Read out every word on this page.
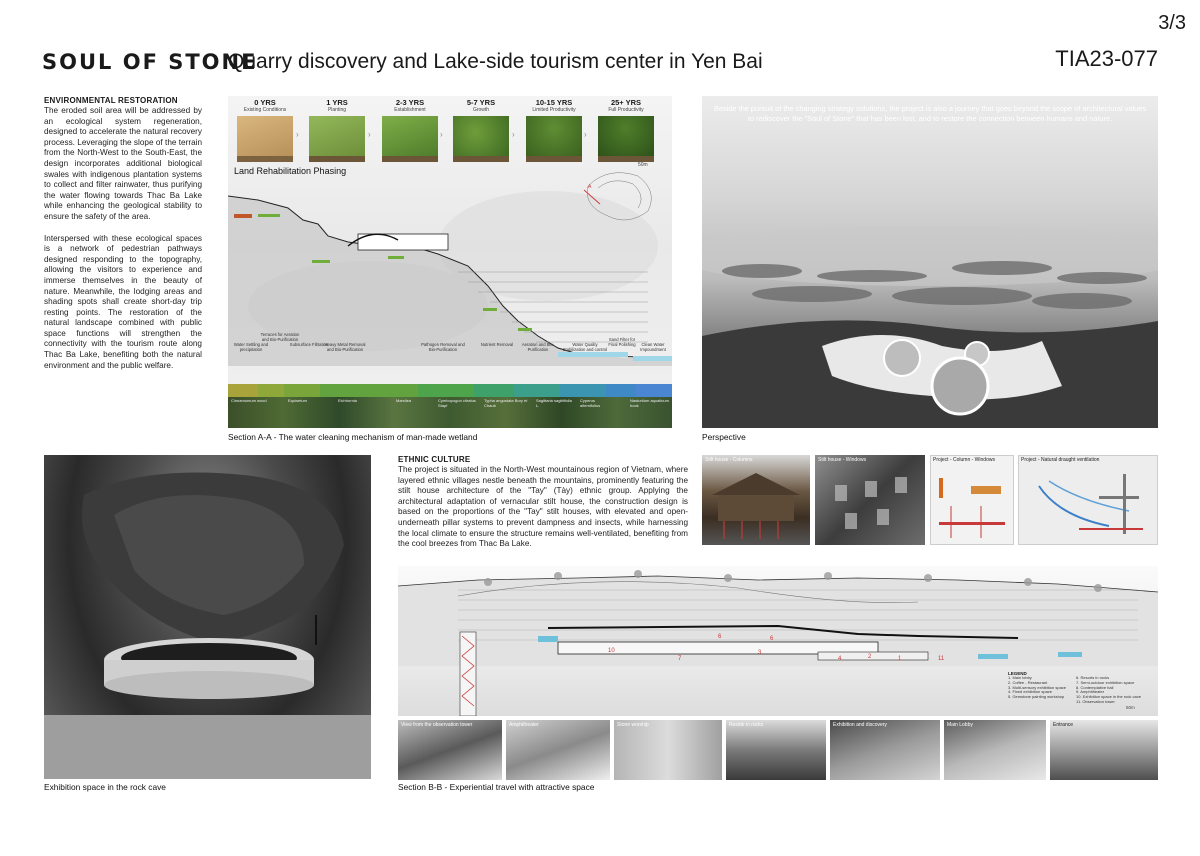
SOUL OF STONE
Quarry discovery and Lake-side tourism center in Yen Bai
3/3
TIA23-077
ENVIRONMENTAL RESTORATION
The eroded soil area will be addressed by an ecological system regeneration, designed to accelerate the natural recovery process. Leveraging the slope of the terrain from the North-West to the South-East, the design incorporates additional biological swales with indigenous plantation systems to collect and filter rainwater, thus purifying the water flowing towards Thac Ba Lake while enhancing the geological stability to ensure the safety of the area.
Interspersed with these ecological spaces is a network of pedestrian pathways designed responding to the topography, allowing the visitors to experience and immerse themselves in the beauty of nature. Meanwhile, the lodging areas and shading spots shall create short-day trip resting points. The restoration of the natural landscape combined with public space functions will strengthen the connectivity with the tourism route along Thac Ba Lake, benefiting both the natural environment and the public welfare.
A
Land Rehabilitation Phasing
50m
0 YRS
Existing Conditions
1 YRS
Planting
2-3 YRS
Establishment
5-7 YRS
Growth
10-15 YRS
Limited Productivity
25+ YRS
Full Productivity
›	›	›	›	›
Water Settling and precipitation
Terraces for Aeration and Bio-Purification
Subsurface Filtration
Heavy Metal Removal and Bio-Purification
Pathogen Removal and Bio-Purification
Nutrient Removal	Aeration and Bio-Purification
Water Quality Stabilization and control
Sand Filter for Final Polishing	Clean Water Impoundment
Cinnamomum wood	Equisetum	Eichhornia	Marsilea	Cymbopogon citratus Stapf
Typha angustata Bory et Chaub
Sagittaria sagittifolia L.
Cyperus alternifolius
Nasturtium aquaticum hook
Section A-A - The water cleaning mechanism of man-made wetland
Beside the pursuit of the changing strategy solutions, the project is also a journey that goes beyond the scope of architectural values to rediscover the "Soul of Stone" that has been lost, and to restore the connection between humans and nature.
Perspective
Exhibition space in the rock cave
ETHNIC CULTURE
The project is situated in the North-West mountainous region of Vietnam, where layered ethnic villages nestle beneath the mountains, prominently featuring the stilt house architecture of the "Tay" (Tày) ethnic group. Applying the architectural adaptation of vernacular stilt house, the construction design is based on the proportions of the "Tay" stilt houses, with elevated and open-underneath pillar systems to prevent dampness and insects, while harnessing the local climate to ensure the structure remains well-ventilated, benefiting from the cool breezes from Thac Ba Lake.
Stilt house - Columns	Stilt house - Windows	Project - Column - Windows	Project - Natural draught ventilation
6	6
10
7
3
4	2	1	11
LEGEND
1. Main lobby
2. Coffee - Restaurant
3. Multi-sensory exhibition space
4. Fixed exhibition space
5. Gemstone painting workshop
6. Resorts in rocks
7. Semi-outdoor exhibition space
8. Contemplative hall
9. Amphitheater
10. Exhibition space in the rock cave
11. Observation tower
50m
View from the observation tower	Amphitheater	Stone worship	Reside in rocks	Exhibition and discovery	Main Lobby	Entrance
Section B-B - Experiential travel with attractive space
